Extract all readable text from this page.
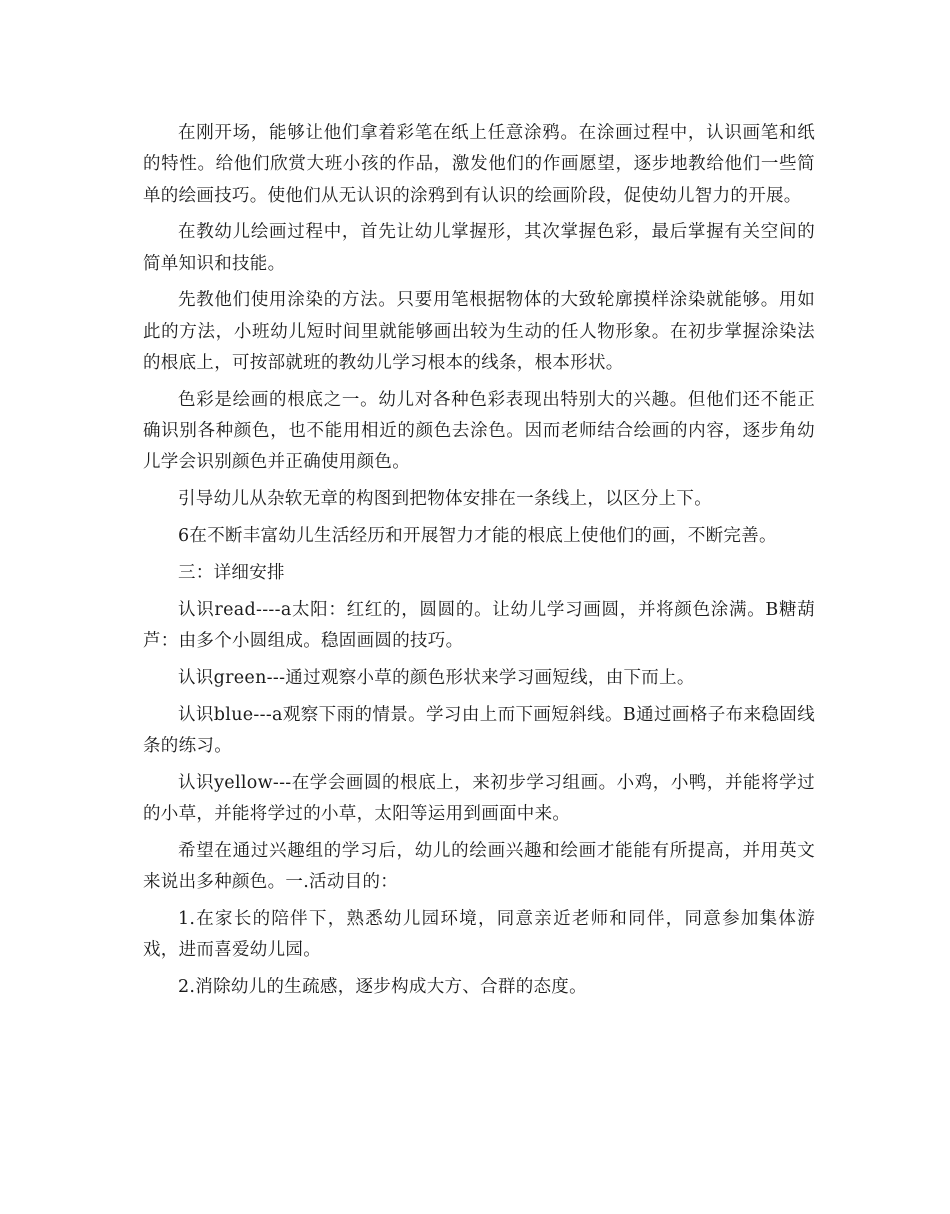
在刚开场，能够让他们拿着彩笔在纸上任意涂鸦。在涂画过程中，认识画笔和纸的特性。给他们欣赏大班小孩的作品，激发他们的作画愿望，逐步地教给他们一些简单的绘画技巧。使他们从无认识的涂鸦到有认识的绘画阶段，促使幼儿智力的开展。

在教幼儿绘画过程中，首先让幼儿掌握形，其次掌握色彩，最后掌握有关空间的简单知识和技能。

先教他们使用涂染的方法。只要用笔根据物体的大致轮廓摸样涂染就能够。用如此的方法，小班幼儿短时间里就能够画出较为生动的任人物形象。在初步掌握涂染法的根底上，可按部就班的教幼儿学习根本的线条，根本形状。

色彩是绘画的根底之一。幼儿对各种色彩表现出特别大的兴趣。但他们还不能正确识别各种颜色，也不能用相近的颜色去涂色。因而老师结合绘画的内容，逐步角幼儿学会识别颜色并正确使用颜色。

引导幼儿从杂软无章的构图到把物体安排在一条线上，以区分上下。

6在不断丰富幼儿生活经历和开展智力才能的根底上使他们的画，不断完善。

三：详细安排

认识read----a太阳：红红的，圆圆的。让幼儿学习画圆，并将颜色涂满。B糖葫芦：由多个小圆组成。稳固画圆的技巧。

认识green---通过观察小草的颜色形状来学习画短线，由下而上。

认识blue---a观察下雨的情景。学习由上而下画短斜线。B通过画格子布来稳固线条的练习。

认识yellow---在学会画圆的根底上，来初步学习组画。小鸡，小鸭，并能将学过的小草，并能将学过的小草，太阳等运用到画面中来。

希望在通过兴趣组的学习后，幼儿的绘画兴趣和绘画才能能有所提高，并用英文来说出多种颜色。一.活动目的：

1.在家长的陪伴下，熟悉幼儿园环境，同意亲近老师和同伴，同意参加集体游戏，进而喜爱幼儿园。

2.消除幼儿的生疏感，逐步构成大方、合群的态度。
